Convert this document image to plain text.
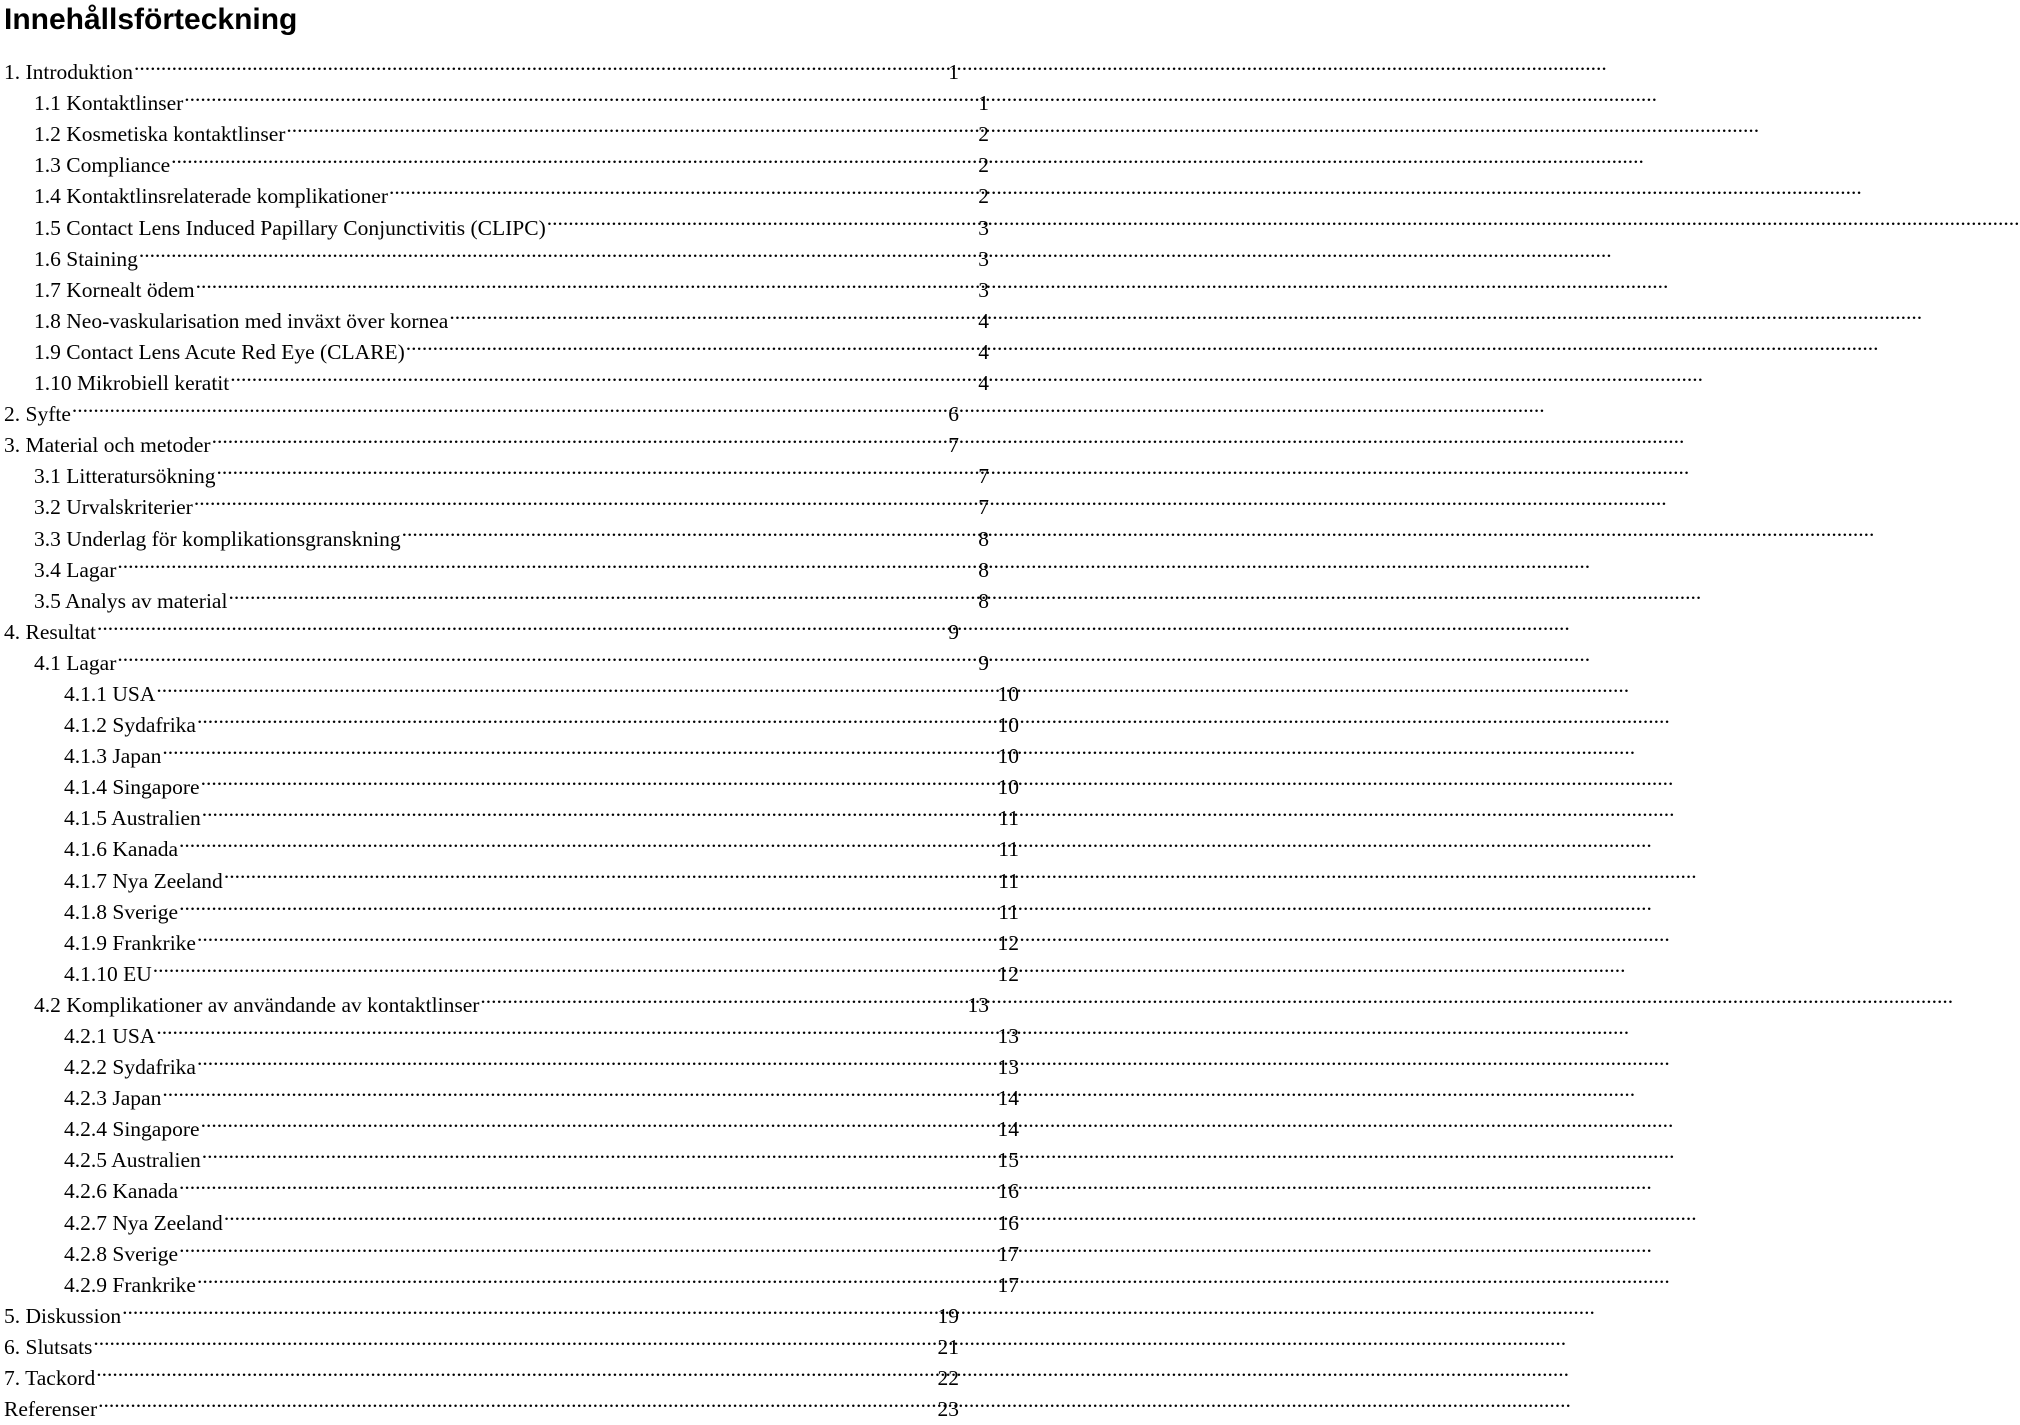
Innehållsförteckning
1. Introduktion .....	1
1.1 Kontaktlinser .....	1
1.2 Kosmetiska kontaktlinser .....	2
1.3 Compliance .....	2
1.4 Kontaktlinsrelaterade komplikationer .....	2
1.5 Contact Lens Induced Papillary Conjunctivitis (CLIPC) .....	3
1.6 Staining .....	3
1.7 Kornealt ödem .....	3
1.8 Neo-vaskularisation med inväxt över kornea .....	4
1.9 Contact Lens Acute Red Eye (CLARE) .....	4
1.10 Mikrobiell keratit .....	4
2. Syfte .....	6
3. Material och metoder .....	7
3.1 Litteratursökning .....	7
3.2 Urvalskriterier .....	7
3.3 Underlag för komplikationsgranskning .....	8
3.4 Lagar .....	8
3.5 Analys av material .....	8
4. Resultat .....	9
4.1 Lagar .....	9
4.1.1 USA .....	10
4.1.2 Sydafrika .....	10
4.1.3 Japan .....	10
4.1.4 Singapore .....	10
4.1.5 Australien .....	11
4.1.6 Kanada .....	11
4.1.7 Nya Zeeland .....	11
4.1.8 Sverige .....	11
4.1.9 Frankrike .....	12
4.1.10 EU .....	12
4.2 Komplikationer av användande av kontaktlinser .....	13
4.2.1 USA .....	13
4.2.2 Sydafrika .....	13
4.2.3 Japan .....	14
4.2.4 Singapore .....	14
4.2.5 Australien .....	15
4.2.6 Kanada .....	16
4.2.7 Nya Zeeland .....	16
4.2.8 Sverige .....	17
4.2.9 Frankrike .....	17
5. Diskussion .....	19
6. Slutsats .....	21
7. Tackord .....	22
Referenser .....	23
